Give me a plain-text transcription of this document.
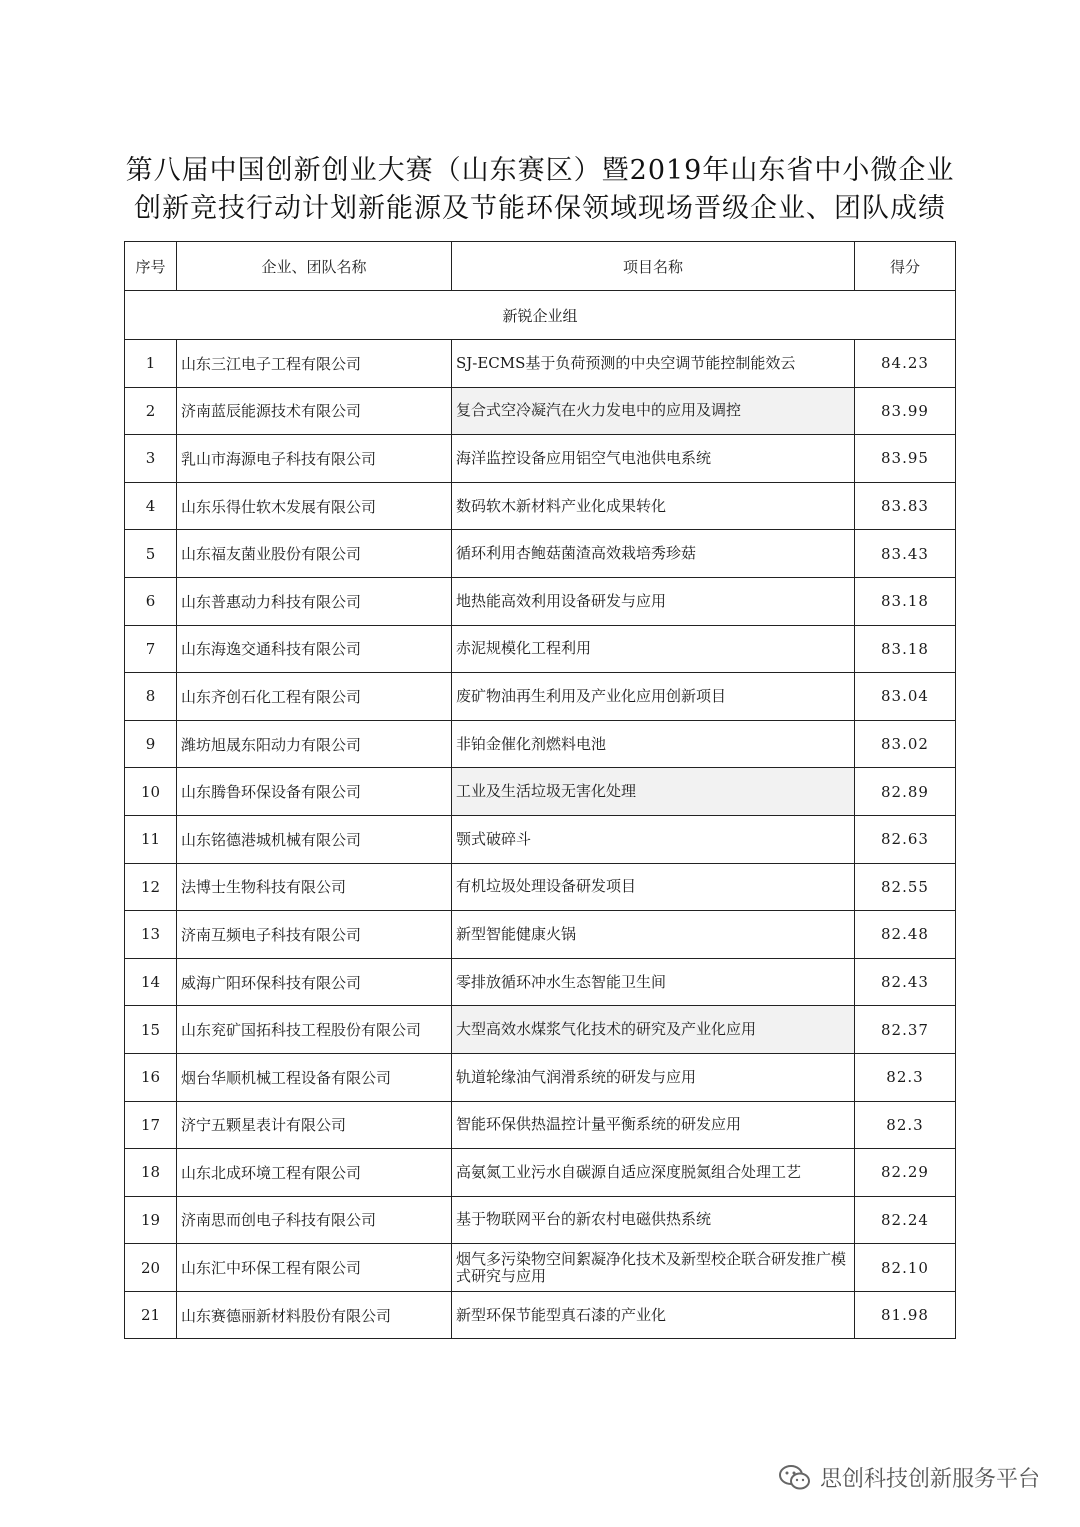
第八届中国创新创业大赛（山东赛区）暨2019年山东省中小微企业
创新竞技行动计划新能源及节能环保领域现场晋级企业、团队成绩
序号	企业、团队名称	项目名称	得分
新锐企业组			
1	山东三江电子工程有限公司	SJ-ECMS基于负荷预测的中央空调节能控制能效云	84.23
2	济南蓝辰能源技术有限公司	复合式空冷凝汽在火力发电中的应用及调控	83.99
3	乳山市海源电子科技有限公司	海洋监控设备应用铝空气电池供电系统	83.95
4	山东乐得仕软木发展有限公司	数码软木新材料产业化成果转化	83.83
5	山东福友菌业股份有限公司	循环利用杏鲍菇菌渣高效栽培秀珍菇	83.43
6	山东普惠动力科技有限公司	地热能高效利用设备研发与应用	83.18
7	山东海逸交通科技有限公司	赤泥规模化工程利用	83.18
8	山东齐创石化工程有限公司	废矿物油再生利用及产业化应用创新项目	83.04
9	潍坊旭晟东阳动力有限公司	非铂金催化剂燃料电池	83.02
10	山东腾鲁环保设备有限公司	工业及生活垃圾无害化处理	82.89
11	山东铭德港城机械有限公司	颚式破碎斗	82.63
12	法博士生物科技有限公司	有机垃圾处理设备研发项目	82.55
13	济南互频电子科技有限公司	新型智能健康火锅	82.48
14	威海广阳环保科技有限公司	零排放循环冲水生态智能卫生间	82.43
15	山东兖矿国拓科技工程股份有限公司	大型高效水煤浆气化技术的研究及产业化应用	82.37
16	烟台华顺机械工程设备有限公司	轨道轮缘油气润滑系统的研发与应用	82.3
17	济宁五颗星表计有限公司	智能环保供热温控计量平衡系统的研发应用	82.3
18	山东北成环境工程有限公司	高氨氮工业污水自碳源自适应深度脱氮组合处理工艺	82.29
19	济南思而创电子科技有限公司	基于物联网平台的新农村电磁供热系统	82.24
20	山东汇中环保工程有限公司	烟气多污染物空间絮凝净化技术及新型校企联合研发推广模式研究与应用	82.10
21	山东赛德丽新材料股份有限公司	新型环保节能型真石漆的产业化	81.98
思创科技创新服务平台
